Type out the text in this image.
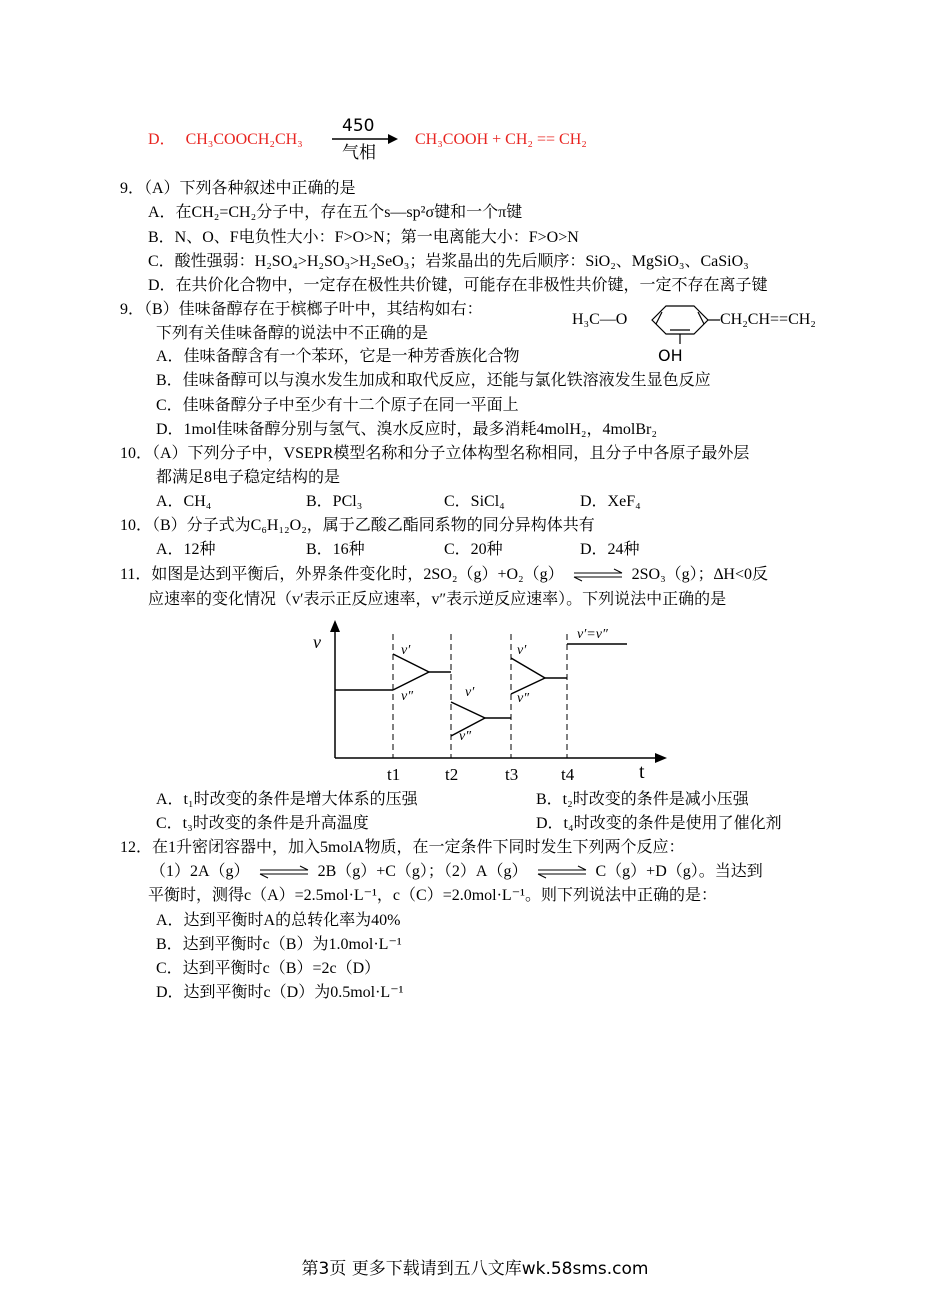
D． CH₃COOCH₂CH₃
450
气相
CH₃COOH + CH₂ == CH₂
9．（A）下列各种叙述中正确的是
A．在CH₂=CH₂分子中，存在五个s—sp²σ键和一个π键
B．N、O、F电负性大小：F>O>N；第一电离能大小：F>O>N
C．酸性强弱：H₂SO₄>H₂SO₃>H₂SeO₃；岩浆晶出的先后顺序：SiO₂、MgSiO₃、CaSiO₃
D．在共价化合物中，一定存在极性共价键，可能存在非极性共价键，一定不存在离子键
9．（B）佳味备醇存在于槟榔子叶中，其结构如右：
下列有关佳味备醇的说法中不正确的是
A．佳味备醇含有一个苯环，它是一种芳香族化合物
B．佳味备醇可以与溴水发生加成和取代反应，还能与氯化铁溶液发生显色反应
C．佳味备醇分子中至少有十二个原子在同一平面上
D．1mol佳味备醇分别与氢气、溴水反应时，最多消耗4molH₂，4molBr₂
H₃C—O	CH₂CH==CH₂
OH
10．（A）下列分子中，VSEPR模型名称和分子立体构型名称相同，且分子中各原子最外层
都满足8电子稳定结构的是
A．CH₄	B．PCl₃	C．SiCl₄	D．XeF₄
10．（B）分子式为C₆H₁₂O₂，属于乙酸乙酯同系物的同分异构体共有
A．12种	B．16种	C．20种	D．24种
11．如图是达到平衡后，外界条件变化时，2SO₂（g）+O₂（g） ⇌ 2SO₃（g）；∆H<0反
应速率的变化情况（v′表示正反应速率，v″表示逆反应速率）。下列说法中正确的是
v
t
v′
v″	v′
v″
v′
v″
v′=v″
t1	t2	t3	t4
A．t₁时改变的条件是增大体系的压强	B．t₂时改变的条件是减小压强
C．t₃时改变的条件是升高温度	D．t₄时改变的条件是使用了催化剂
12．在1升密闭容器中，加入5molA物质，在一定条件下同时发生下列两个反应：
（1）2A（g） ⇌ 2B（g）+C（g）；（2）A（g） ⇌ C（g）+D（g）。当达到
平衡时，测得c（A）=2.5mol·L⁻¹，c（C）=2.0mol·L⁻¹。则下列说法中正确的是：
A．达到平衡时A的总转化率为40%
B．达到平衡时c（B）为1.0mol·L⁻¹
C．达到平衡时c（B）=2c（D）
D．达到平衡时c（D）为0.5mol·L⁻¹
第3页 更多下载请到五八文库wk.58sms.com
